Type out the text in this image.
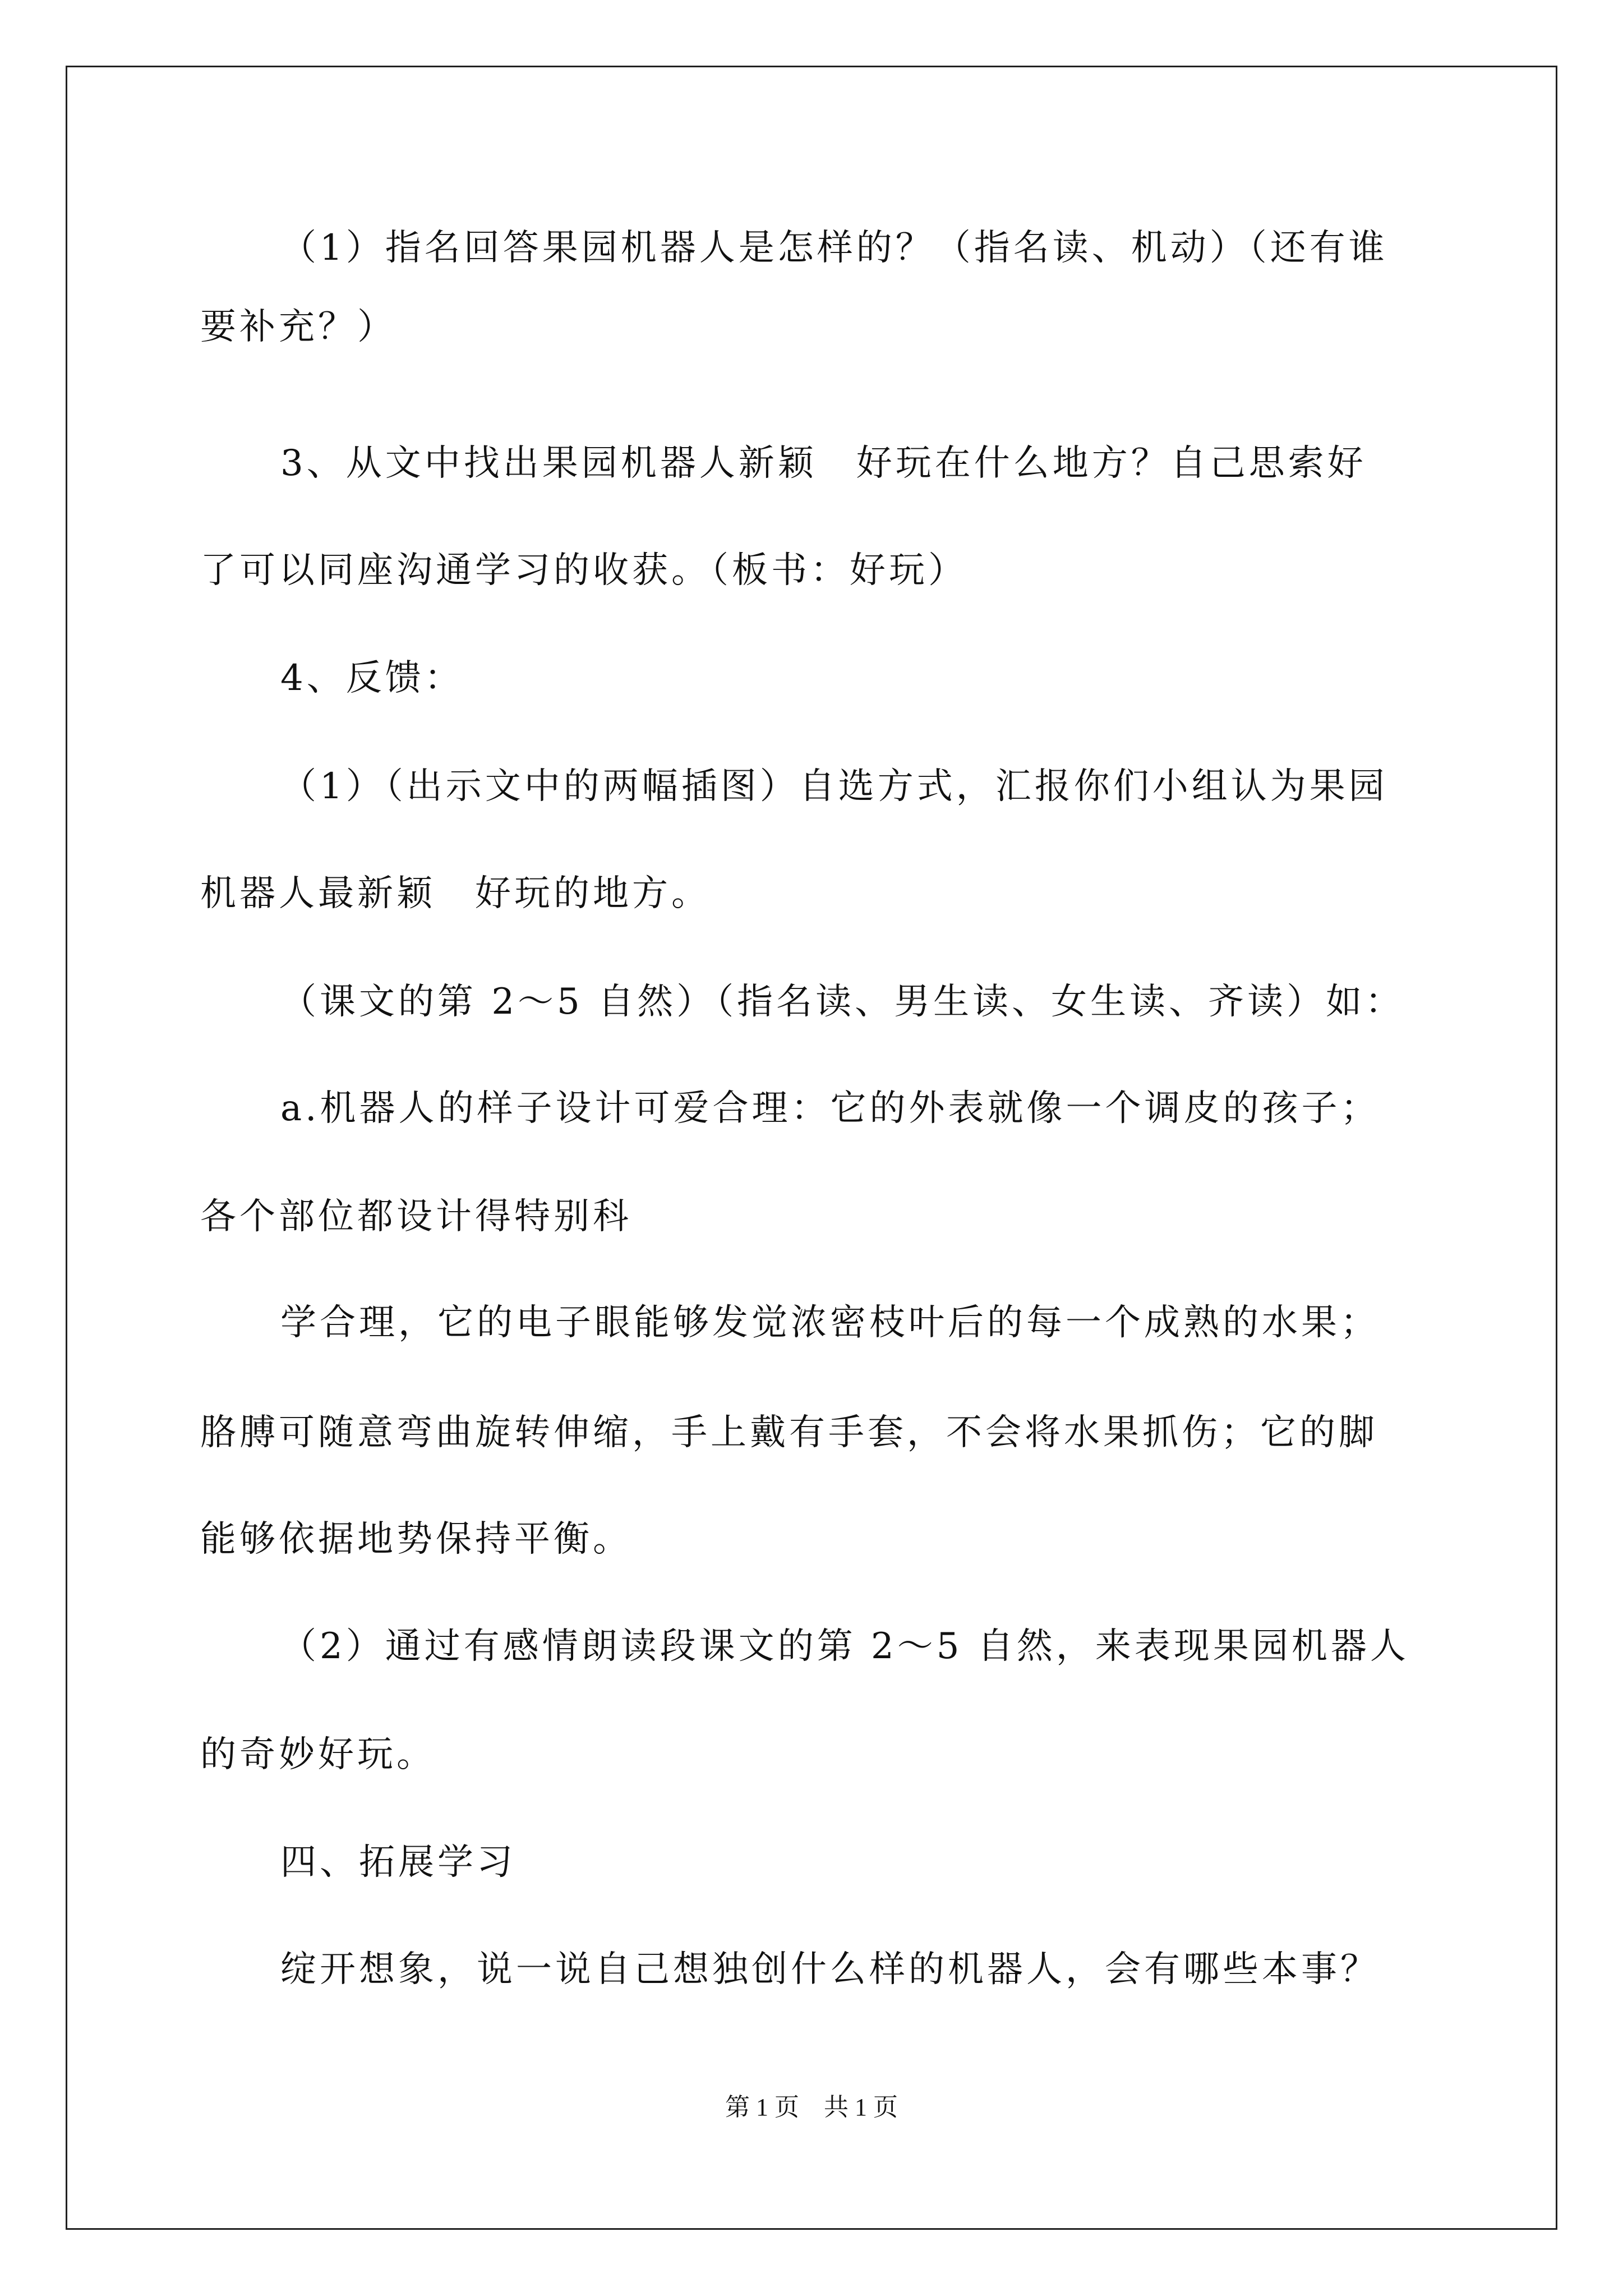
（1）指名回答果园机器人是怎样的？（指名读、机动）（还有谁

要补充？）

3、从文中找出果园机器人新颖　好玩在什么地方？自己思索好

了可以同座沟通学习的收获。（板书：好玩）

4、反馈：

（1）（出示文中的两幅插图）自选方式，汇报你们小组认为果园

机器人最新颖　好玩的地方。

（课文的第 2～5 自然）（指名读、男生读、女生读、齐读）如：

a.机器人的样子设计可爱合理：它的外表就像一个调皮的孩子；

各个部位都设计得特别科

学合理，它的电子眼能够发觉浓密枝叶后的每一个成熟的水果；

胳膊可随意弯曲旋转伸缩，手上戴有手套，不会将水果抓伤；它的脚

能够依据地势保持平衡。

（2）通过有感情朗读段课文的第 2～5 自然，来表现果园机器人

的奇妙好玩。

四、拓展学习

绽开想象，说一说自己想独创什么样的机器人，会有哪些本事？

第 1 页　共 1 页
